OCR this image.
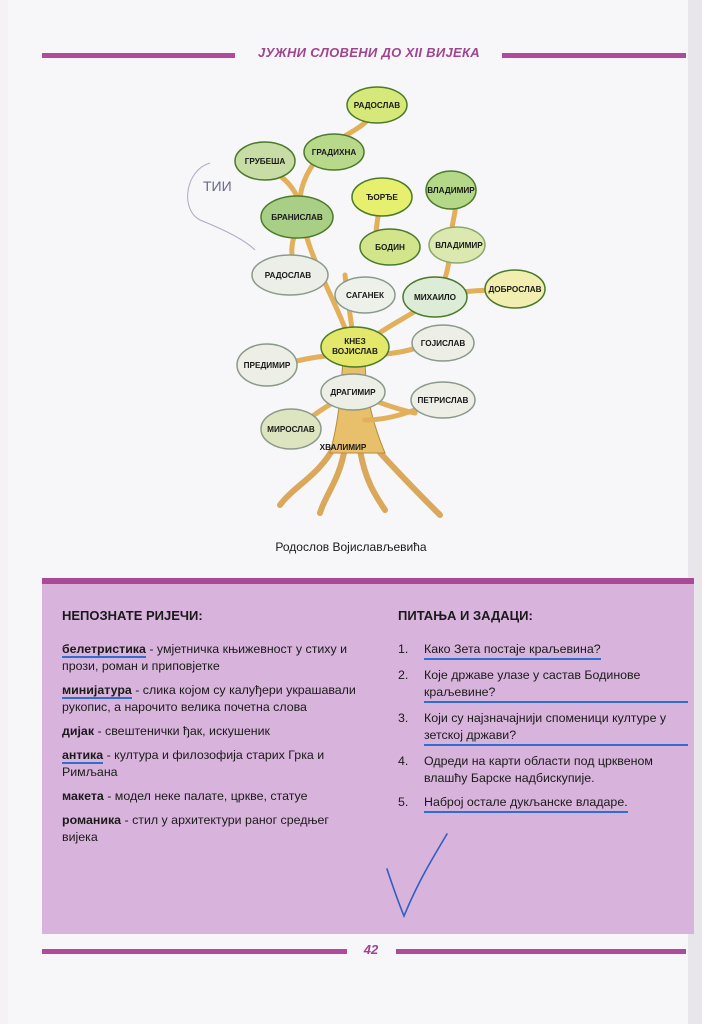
ЈУЖНИ СЛОВЕНИ ДО XII ВИЈЕКА
TИИ
РАДОСЛАВ
ГРАДИХНА
ГРУБЕША
БРАНИСЛАВ
ЂОРЂЕ
ВЛАДИМИР
ВЛАДИМИР
БОДИН
РАДОСЛАВ
САГАНЕК	МИХАИЛО
ДОБРОСЛАВ
КНЕЗ
ВОЈИСЛАВ
ПРЕДИМИР
ГОЈИСЛАВ
ДРАГИМИР
ПЕТРИСЛАВ
МИРОСЛАВ
ХВАЛИМИР
Родослов Војислављевића
НЕПОЗНАТЕ РИЈЕЧИ:
белетристика - умјетничка књижевност у стиху и прози, роман и приповјетке
минијатура - слика којом су калуђери украшавали рукопис, а нарочито велика почетна слова
дијак - свештенички ђак, искушеник
антика - култура и филозофија старих Грка и Римљана
макета - модел неке палате, цркве, статуе
романика - стил у архитектури раног средњег вијека
ПИТАЊА И ЗАДАЦИ:
1.	Како Зета постаје краљевина?
2.	Које државе улазе у састав Бодинове краљевине?
3.	Који су најзначајнији споменици културе у зетској држави?
4.	Одреди на карти области под црквеном влашћу Барске надбискупије.
5.	Наброј остале дукљанске владаре.
42
